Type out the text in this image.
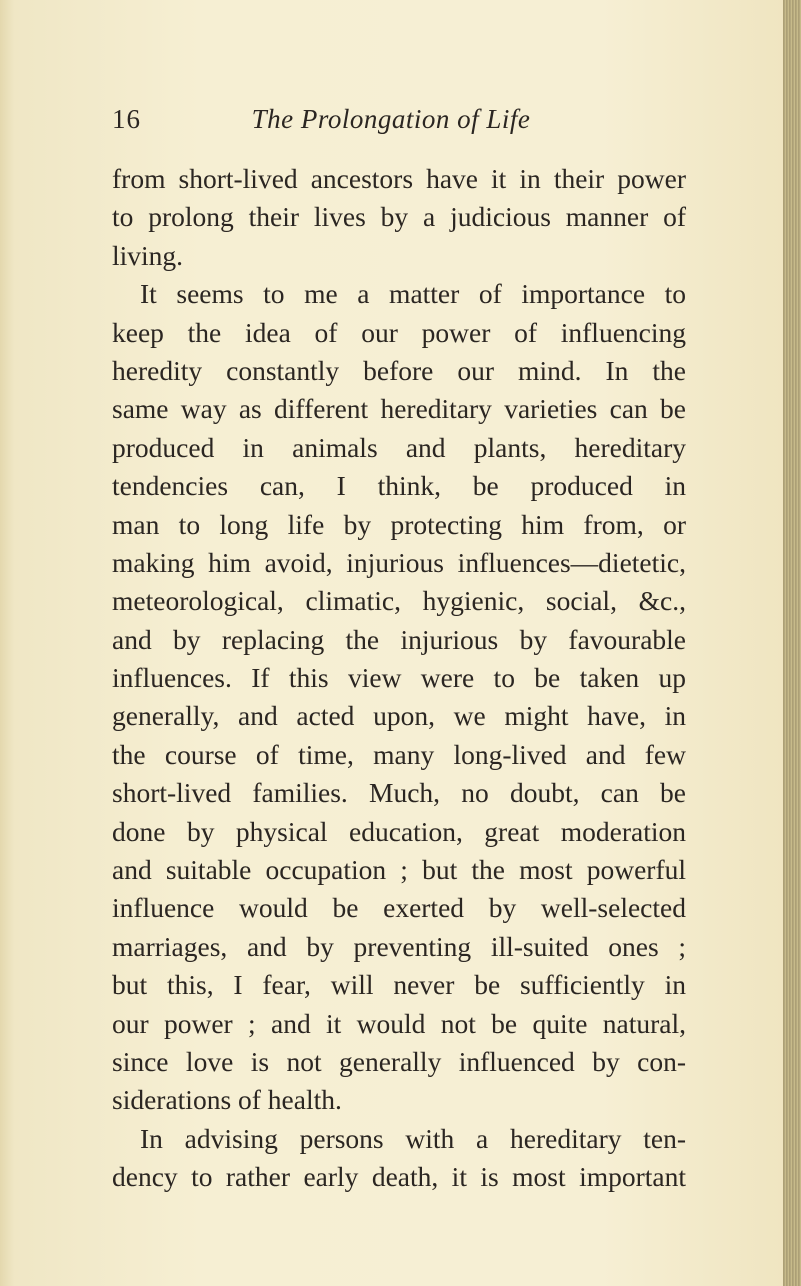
The Prolongation of Life
16
from short-lived ancestors have it in their power
to prolong their lives by a judicious manner of
living.
It seems to me a matter of importance to
keep the idea of our power of influencing
heredity constantly before our mind. In the
same way as different hereditary varieties can be
produced in animals and plants, hereditary
tendencies can, I think, be produced in
man to long life by protecting him from, or
making him avoid, injurious influences—dietetic,
meteorological, climatic, hygienic, social, &c.,
and by replacing the injurious by favourable
influences. If this view were to be taken up
generally, and acted upon, we might have, in
the course of time, many long-lived and few
short-lived families. Much, no doubt, can be
done by physical education, great moderation
and suitable occupation ; but the most powerful
influence would be exerted by well-selected
marriages, and by preventing ill-suited ones ;
but this, I fear, will never be sufficiently in
our power ; and it would not be quite natural,
since love is not generally influenced by con-
siderations of health.
In advising persons with a hereditary ten-
dency to rather early death, it is most important
